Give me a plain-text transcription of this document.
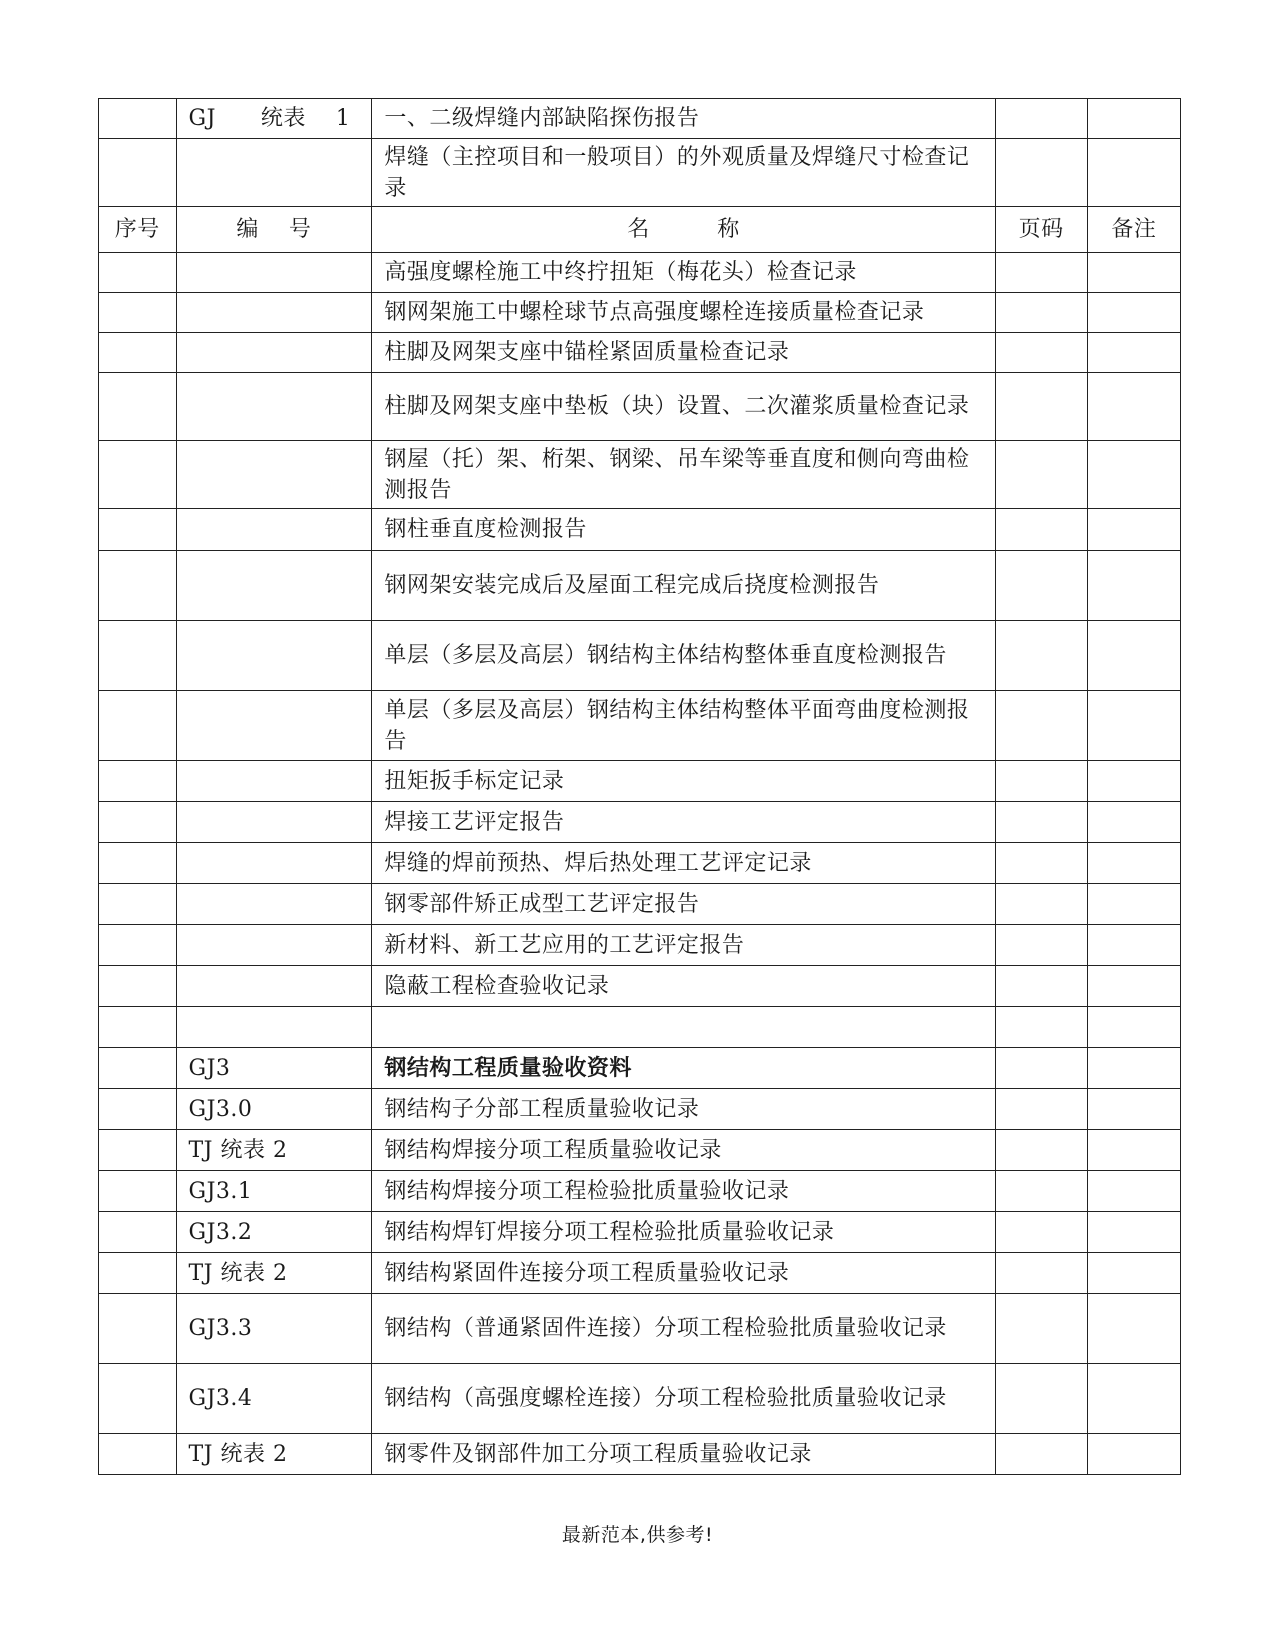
	GJ　　统表　 1	一、二级焊缝内部缺陷探伤报告		
		焊缝（主控项目和一般项目）的外观质量及焊缝尺寸检查记录		
序号	编　 号	名　　　称	页码	备注
		高强度螺栓施工中终拧扭矩（梅花头）检查记录		
		钢网架施工中螺栓球节点高强度螺栓连接质量检查记录		
		柱脚及网架支座中锚栓紧固质量检查记录		
		柱脚及网架支座中垫板（块）设置、二次灌浆质量检查记录		
		钢屋（托）架、桁架、钢梁、吊车梁等垂直度和侧向弯曲检测报告		
		钢柱垂直度检测报告		
		钢网架安装完成后及屋面工程完成后挠度检测报告		
		单层（多层及高层）钢结构主体结构整体垂直度检测报告		
		单层（多层及高层）钢结构主体结构整体平面弯曲度检测报告		
		扭矩扳手标定记录		
		焊接工艺评定报告		
		焊缝的焊前预热、焊后热处理工艺评定记录		
		钢零部件矫正成型工艺评定报告		
		新材料、新工艺应用的工艺评定报告		
		隐蔽工程检查验收记录		

	GJ3	钢结构工程质量验收资料		
	GJ3.0	钢结构子分部工程质量验收记录		
	TJ 统表 2	钢结构焊接分项工程质量验收记录		
	GJ3.1	钢结构焊接分项工程检验批质量验收记录		
	GJ3.2	钢结构焊钉焊接分项工程检验批质量验收记录		
	TJ 统表 2	钢结构紧固件连接分项工程质量验收记录		
	GJ3.3	钢结构（普通紧固件连接）分项工程检验批质量验收记录		
	GJ3.4	钢结构（高强度螺栓连接）分项工程检验批质量验收记录		
	TJ 统表 2	钢零件及钢部件加工分项工程质量验收记录		
最新范本,供参考!
